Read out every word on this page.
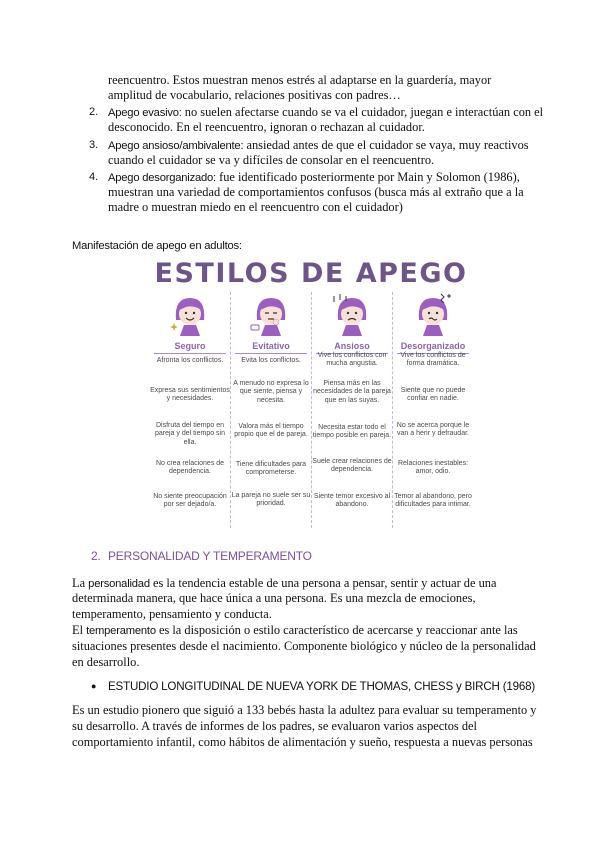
reencuentro. Estos muestran menos estrés al adaptarse en la guardería, mayor
amplitud de vocabulario, relaciones positivas con padres…
2. Apego evasivo: no suelen afectarse cuando se va el cuidador, juegan e interactúan con el
desconocido. En el reencuentro, ignoran o rechazan al cuidador.
3. Apego ansioso/ambivalente: ansiedad antes de que el cuidador se vaya, muy reactivos
cuando el cuidador se va y difíciles de consolar en el reencuentro.
4. Apego desorganizado: fue identificado posteriormente por Main y Solomon (1986),
muestran una variedad de comportamientos confusos (busca más al extraño que a la
madre o muestran miedo en el reencuentro con el cuidador)
Manifestación de apego en adultos:
ESTILOS DE APEGO
Seguro
Afronta los conflictos.
Expresa sus sentimientos y necesidades.
Disfruta del tiempo en pareja y del tiempo sin ella.
No crea relaciones de dependencia.
No siente preocupación por ser dejado/a.
Evitativo
Evita los conflictos.
A menudo no expresa lo que siente, piensa y necesita.
Valora más el tiempo propio que el de pareja.
Tiene dificultades para comprometerse.
La pareja no suele ser su prioridad.
Ansioso
Vive los conflictos con mucha angustia.
Piensa más en las necesidades de la pareja que en las suyas.
Necesita estar todo el tiempo posible en pareja.
Suele crear relaciones de dependencia.
Siente temor excesivo al abandono.
Desorganizado
Vive los conflictos de forma dramática.
Siente que no puede confiar en nadie.
No se acerca porque le van a herir y defraudar.
Relaciones inestables: amor, odio.
Temor al abandono, pero dificultades para intimar.
2. PERSONALIDAD Y TEMPERAMENTO
La personalidad es la tendencia estable de una persona a pensar, sentir y actuar de una
determinada manera, que hace única a una persona. Es una mezcla de emociones,
temperamento, pensamiento y conducta.
El temperamento es la disposición o estilo característico de acercarse y reaccionar ante las
situaciones presentes desde el nacimiento. Componente biológico y núcleo de la personalidad
en desarrollo.
● ESTUDIO LONGITUDINAL DE NUEVA YORK DE THOMAS, CHESS y BIRCH (1968)
Es un estudio pionero que siguió a 133 bebés hasta la adultez para evaluar su temperamento y
su desarrollo. A través de informes de los padres, se evaluaron varios aspectos del
comportamiento infantil, como hábitos de alimentación y sueño, respuesta a nuevas personas
